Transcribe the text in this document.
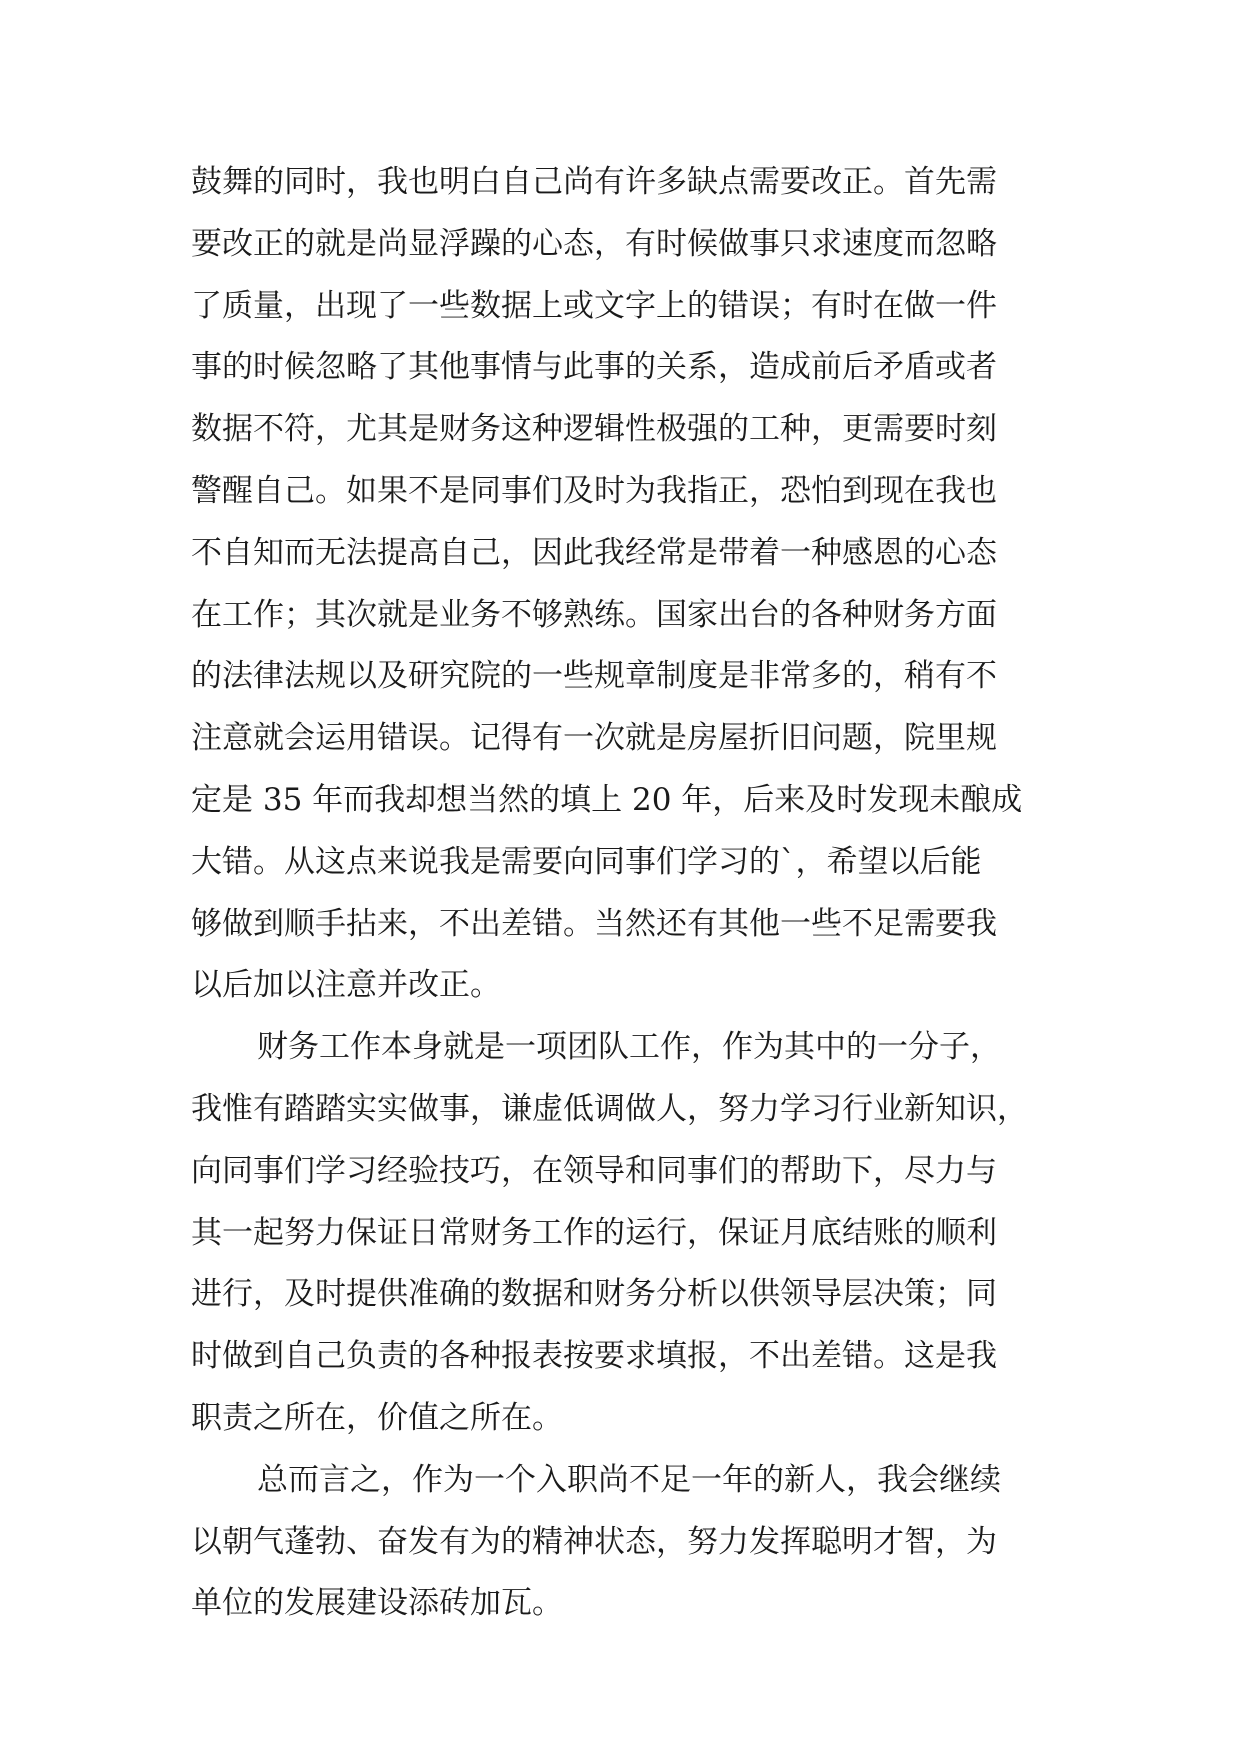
鼓舞的同时，我也明白自己尚有许多缺点需要改正。首先需
要改正的就是尚显浮躁的心态，有时候做事只求速度而忽略
了质量，出现了一些数据上或文字上的错误；有时在做一件
事的时候忽略了其他事情与此事的关系，造成前后矛盾或者
数据不符，尤其是财务这种逻辑性极强的工种，更需要时刻
警醒自己。如果不是同事们及时为我指正，恐怕到现在我也
不自知而无法提高自己，因此我经常是带着一种感恩的心态
在工作；其次就是业务不够熟练。国家出台的各种财务方面
的法律法规以及研究院的一些规章制度是非常多的，稍有不
注意就会运用错误。记得有一次就是房屋折旧问题，院里规
定是 35 年而我却想当然的填上 20 年，后来及时发现未酿成
大错。从这点来说我是需要向同事们学习的`，希望以后能
够做到顺手拈来，不出差错。当然还有其他一些不足需要我
以后加以注意并改正。
财务工作本身就是一项团队工作，作为其中的一分子，
我惟有踏踏实实做事，谦虚低调做人，努力学习行业新知识，
向同事们学习经验技巧，在领导和同事们的帮助下，尽力与
其一起努力保证日常财务工作的运行，保证月底结账的顺利
进行，及时提供准确的数据和财务分析以供领导层决策；同
时做到自己负责的各种报表按要求填报，不出差错。这是我
职责之所在，价值之所在。
总而言之，作为一个入职尚不足一年的新人，我会继续
以朝气蓬勃、奋发有为的精神状态，努力发挥聪明才智，为
单位的发展建设添砖加瓦。
